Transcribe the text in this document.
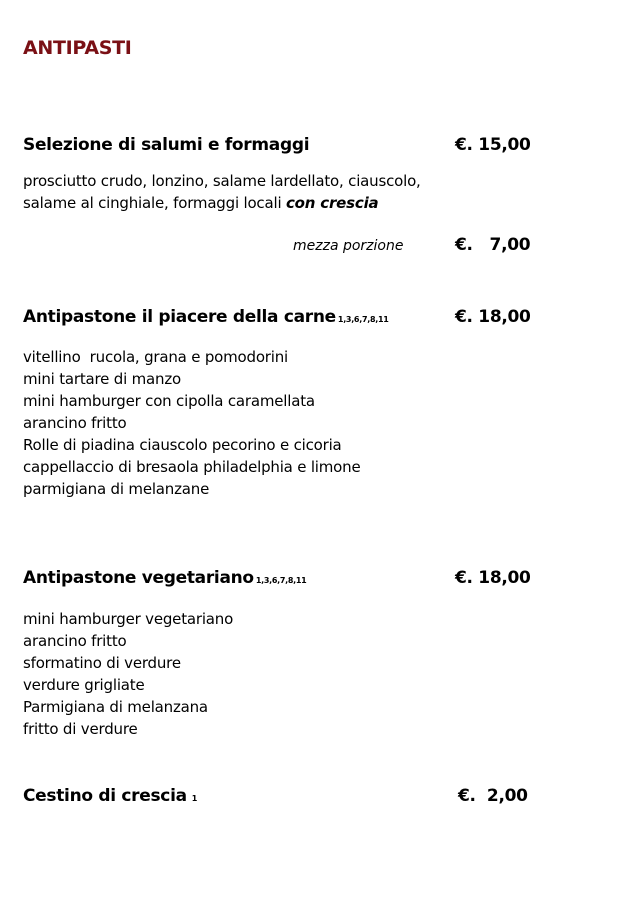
ANTIPASTI
Selezione di salumi e formaggi	€. 15,00
prosciutto crudo, lonzino, salame lardellato, ciauscolo,
salame al cinghiale, formaggi locali con crescia
mezza porzione	€.   7,00
Antipastone il piacere della carne 1,3,6,7,8,11	€. 18,00
vitellino  rucola, grana e pomodorini
mini tartare di manzo
mini hamburger con cipolla caramellata
arancino fritto
Rolle di piadina ciauscolo pecorino e cicoria
cappellaccio di bresaola philadelphia e limone
parmigiana di melanzane
Antipastone vegetariano 1,3,6,7,8,11	€. 18,00
mini hamburger vegetariano
arancino fritto
sformatino di verdure
verdure grigliate
Parmigiana di melanzana
fritto di verdure
Cestino di crescia 1	€.  2,00
